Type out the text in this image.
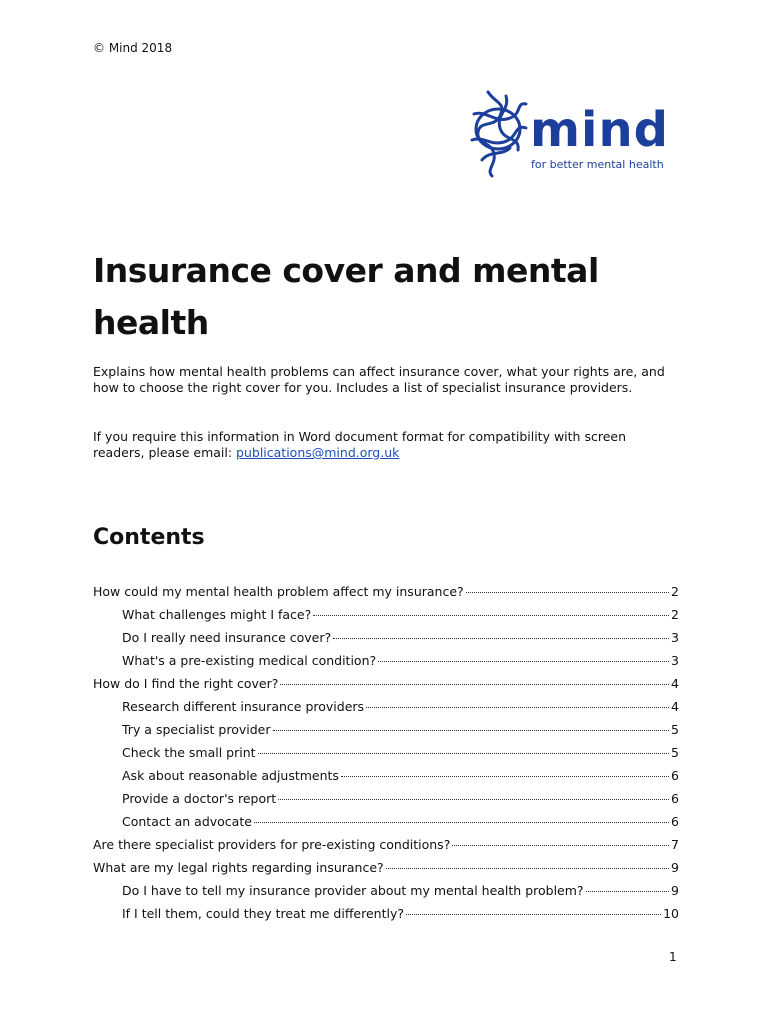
© Mind 2018
mind
for better mental health
Insurance cover and mental health

Explains how mental health problems can affect insurance cover, what your rights are, and how to choose the right cover for you. Includes a list of specialist insurance providers.

If you require this information in Word document format for compatibility with screen readers, please email: publications@mind.org.uk

Contents
How could my mental health problem affect my insurance?	2
What challenges might I face?	2
Do I really need insurance cover?	3
What's a pre-existing medical condition?	3
How do I find the right cover?	4
Research different insurance providers	4
Try a specialist provider	5
Check the small print	5
Ask about reasonable adjustments	6
Provide a doctor's report	6
Contact an advocate	6
Are there specialist providers for pre-existing conditions?	7
What are my legal rights regarding insurance?	9
Do I have to tell my insurance provider about my mental health problem?	9
If I tell them, could they treat me differently?	10
1
